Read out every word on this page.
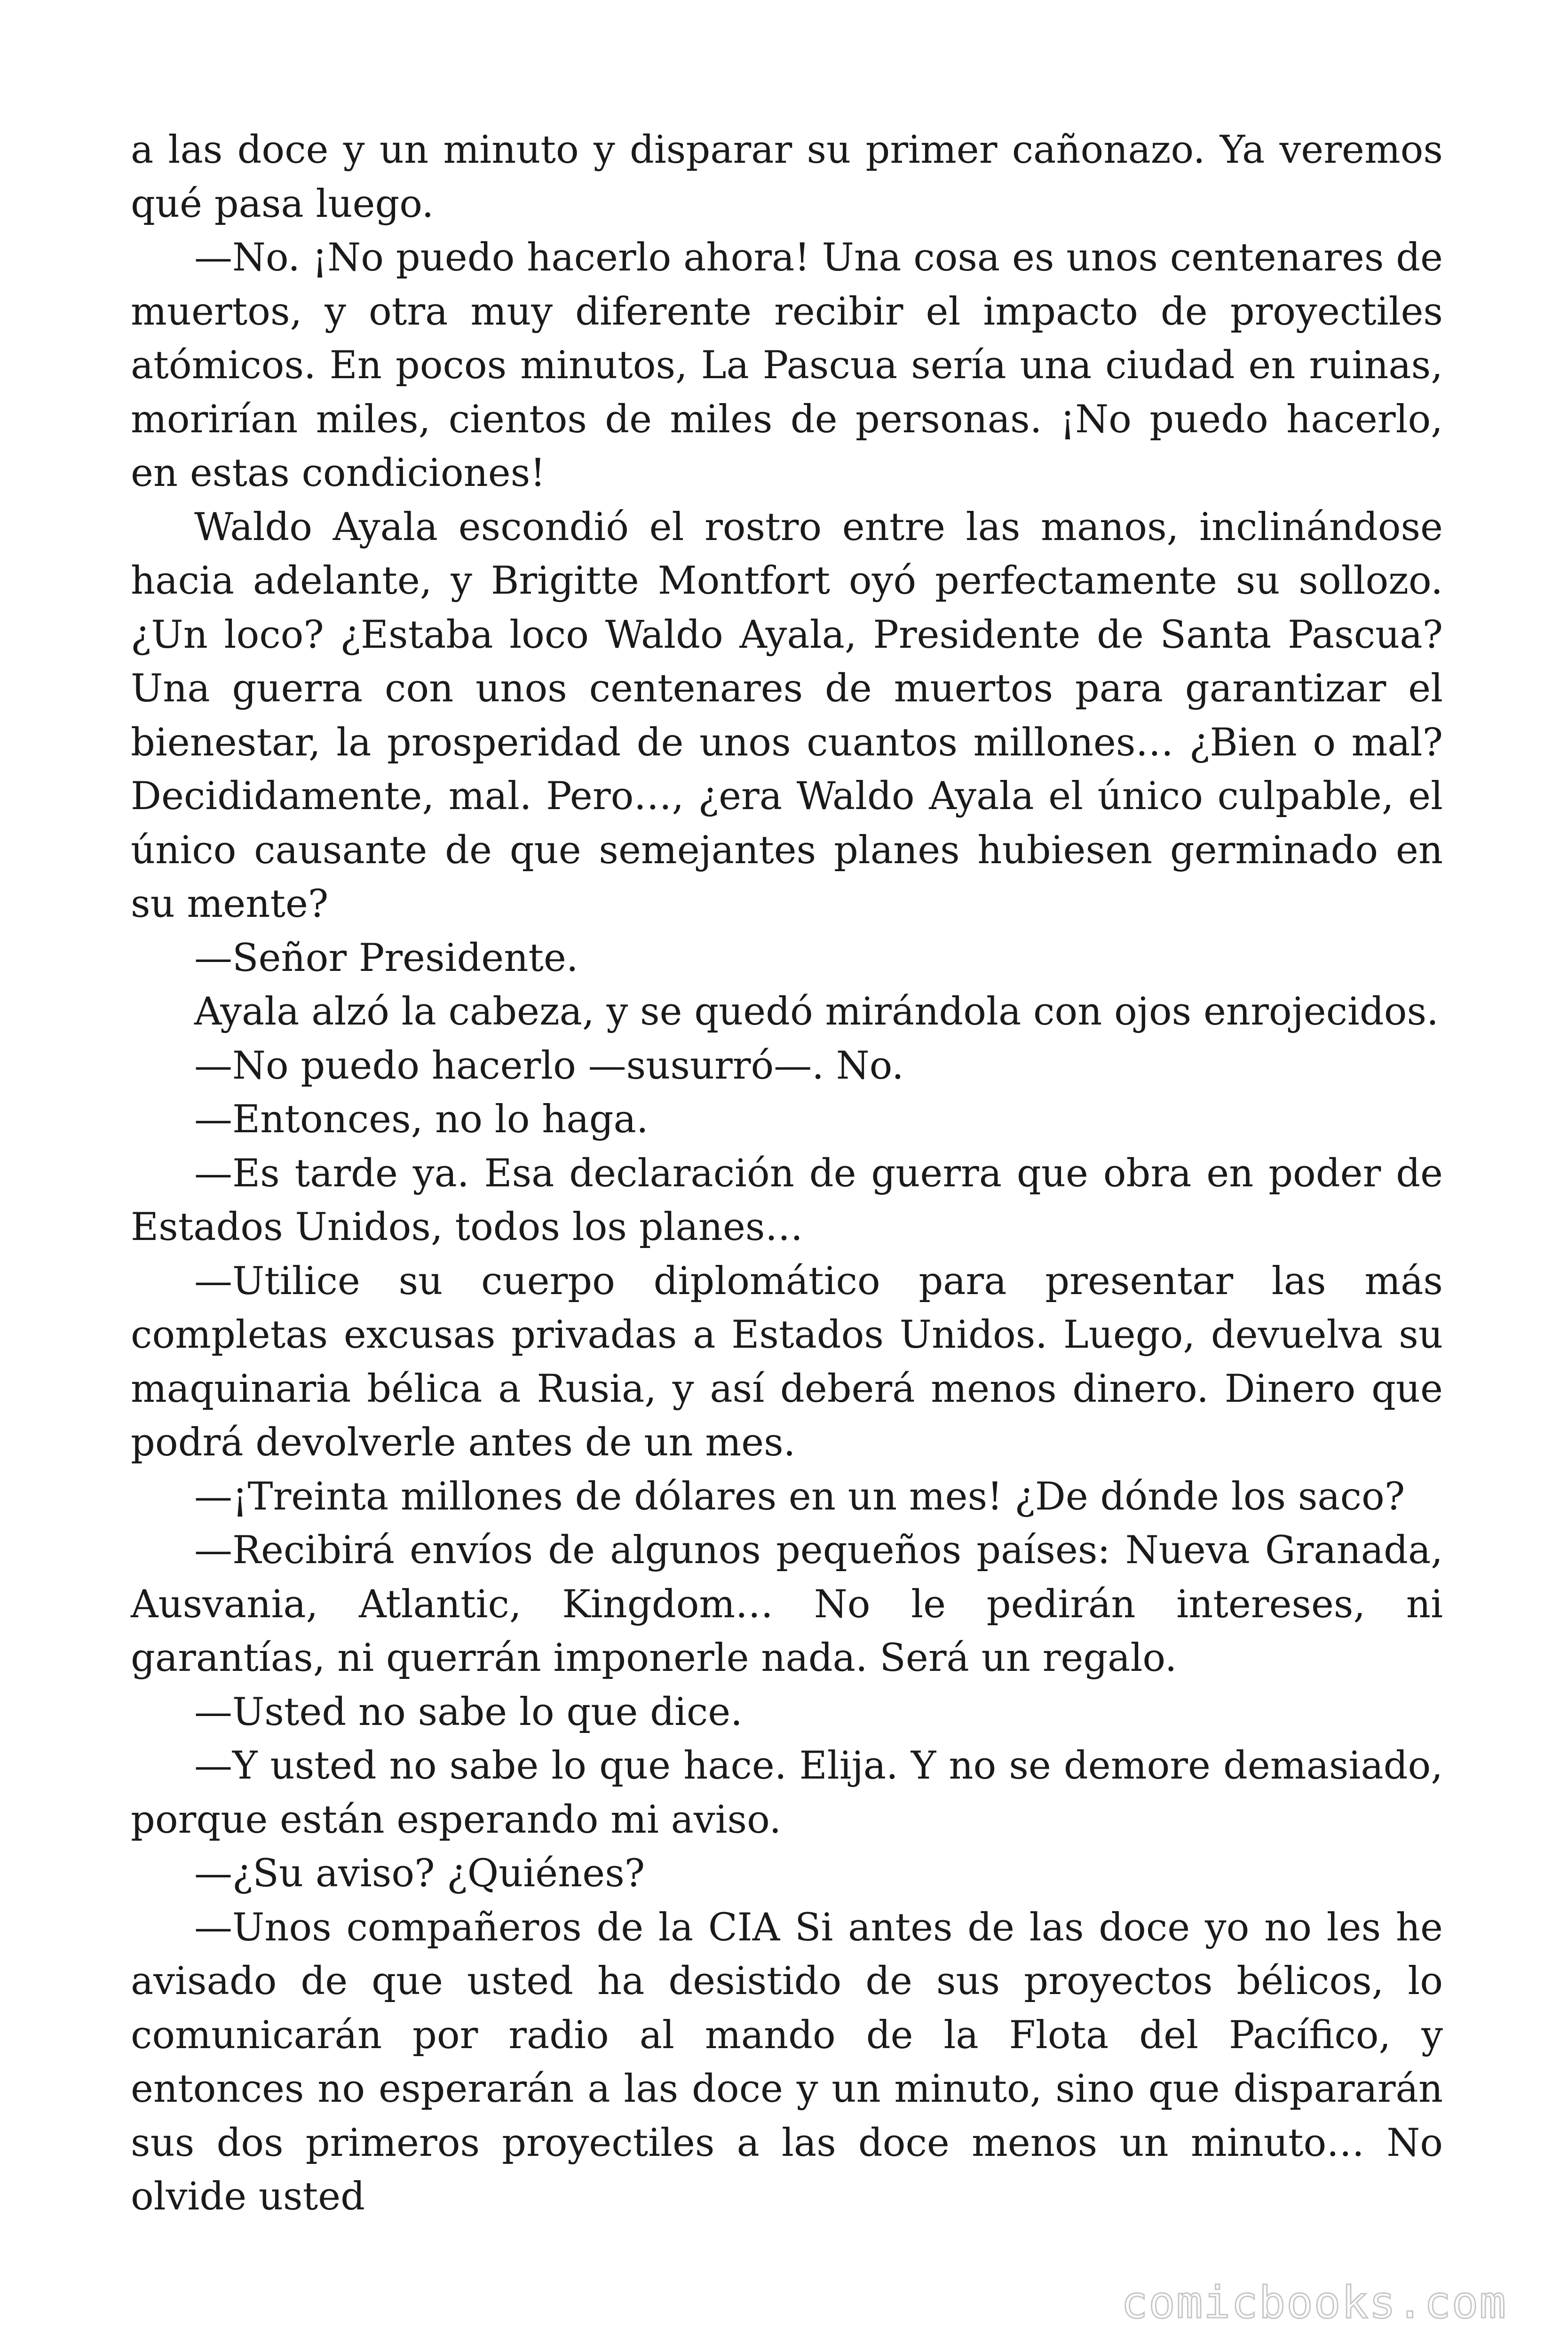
a las doce y un minuto y disparar su primer cañonazo. Ya veremos qué pasa luego.

—No. ¡No puedo hacerlo ahora! Una cosa es unos centenares de muertos, y otra muy diferente recibir el impacto de proyectiles atómicos. En pocos minutos, La Pascua sería una ciudad en ruinas, morirían miles, cientos de miles de personas. ¡No puedo hacerlo, en estas condiciones!

Waldo Ayala escondió el rostro entre las manos, inclinándose hacia adelante, y Brigitte Montfort oyó perfectamente su sollozo. ¿Un loco? ¿Estaba loco Waldo Ayala, Presidente de Santa Pascua? Una guerra con unos centenares de muertos para garantizar el bienestar, la prosperidad de unos cuantos millones… ¿Bien o mal? Decididamente, mal. Pero…, ¿era Waldo Ayala el único culpable, el único causante de que semejantes planes hubiesen germinado en su mente?

—Señor Presidente.

Ayala alzó la cabeza, y se quedó mirándola con ojos enrojecidos.

—No puedo hacerlo —susurró—. No.

—Entonces, no lo haga.

—Es tarde ya. Esa declaración de guerra que obra en poder de Estados Unidos, todos los planes…

—Utilice su cuerpo diplomático para presentar las más completas excusas privadas a Estados Unidos. Luego, devuelva su maquinaria bélica a Rusia, y así deberá menos dinero. Dinero que podrá devolverle antes de un mes.

—¡Treinta millones de dólares en un mes! ¿De dónde los saco?

—Recibirá envíos de algunos pequeños países: Nueva Granada, Ausvania, Atlantic, Kingdom… No le pedirán intereses, ni garantías, ni querrán imponerle nada. Será un regalo.

—Usted no sabe lo que dice.

—Y usted no sabe lo que hace. Elija. Y no se demore demasiado, porque están esperando mi aviso.

—¿Su aviso? ¿Quiénes?

—Unos compañeros de la CIA Si antes de las doce yo no les he avisado de que usted ha desistido de sus proyectos bélicos, lo comunicarán por radio al mando de la Flota del Pacífico, y entonces no esperarán a las doce y un minuto, sino que dispararán sus dos primeros proyectiles a las doce menos un minuto… No olvide usted

comicbooks.com
